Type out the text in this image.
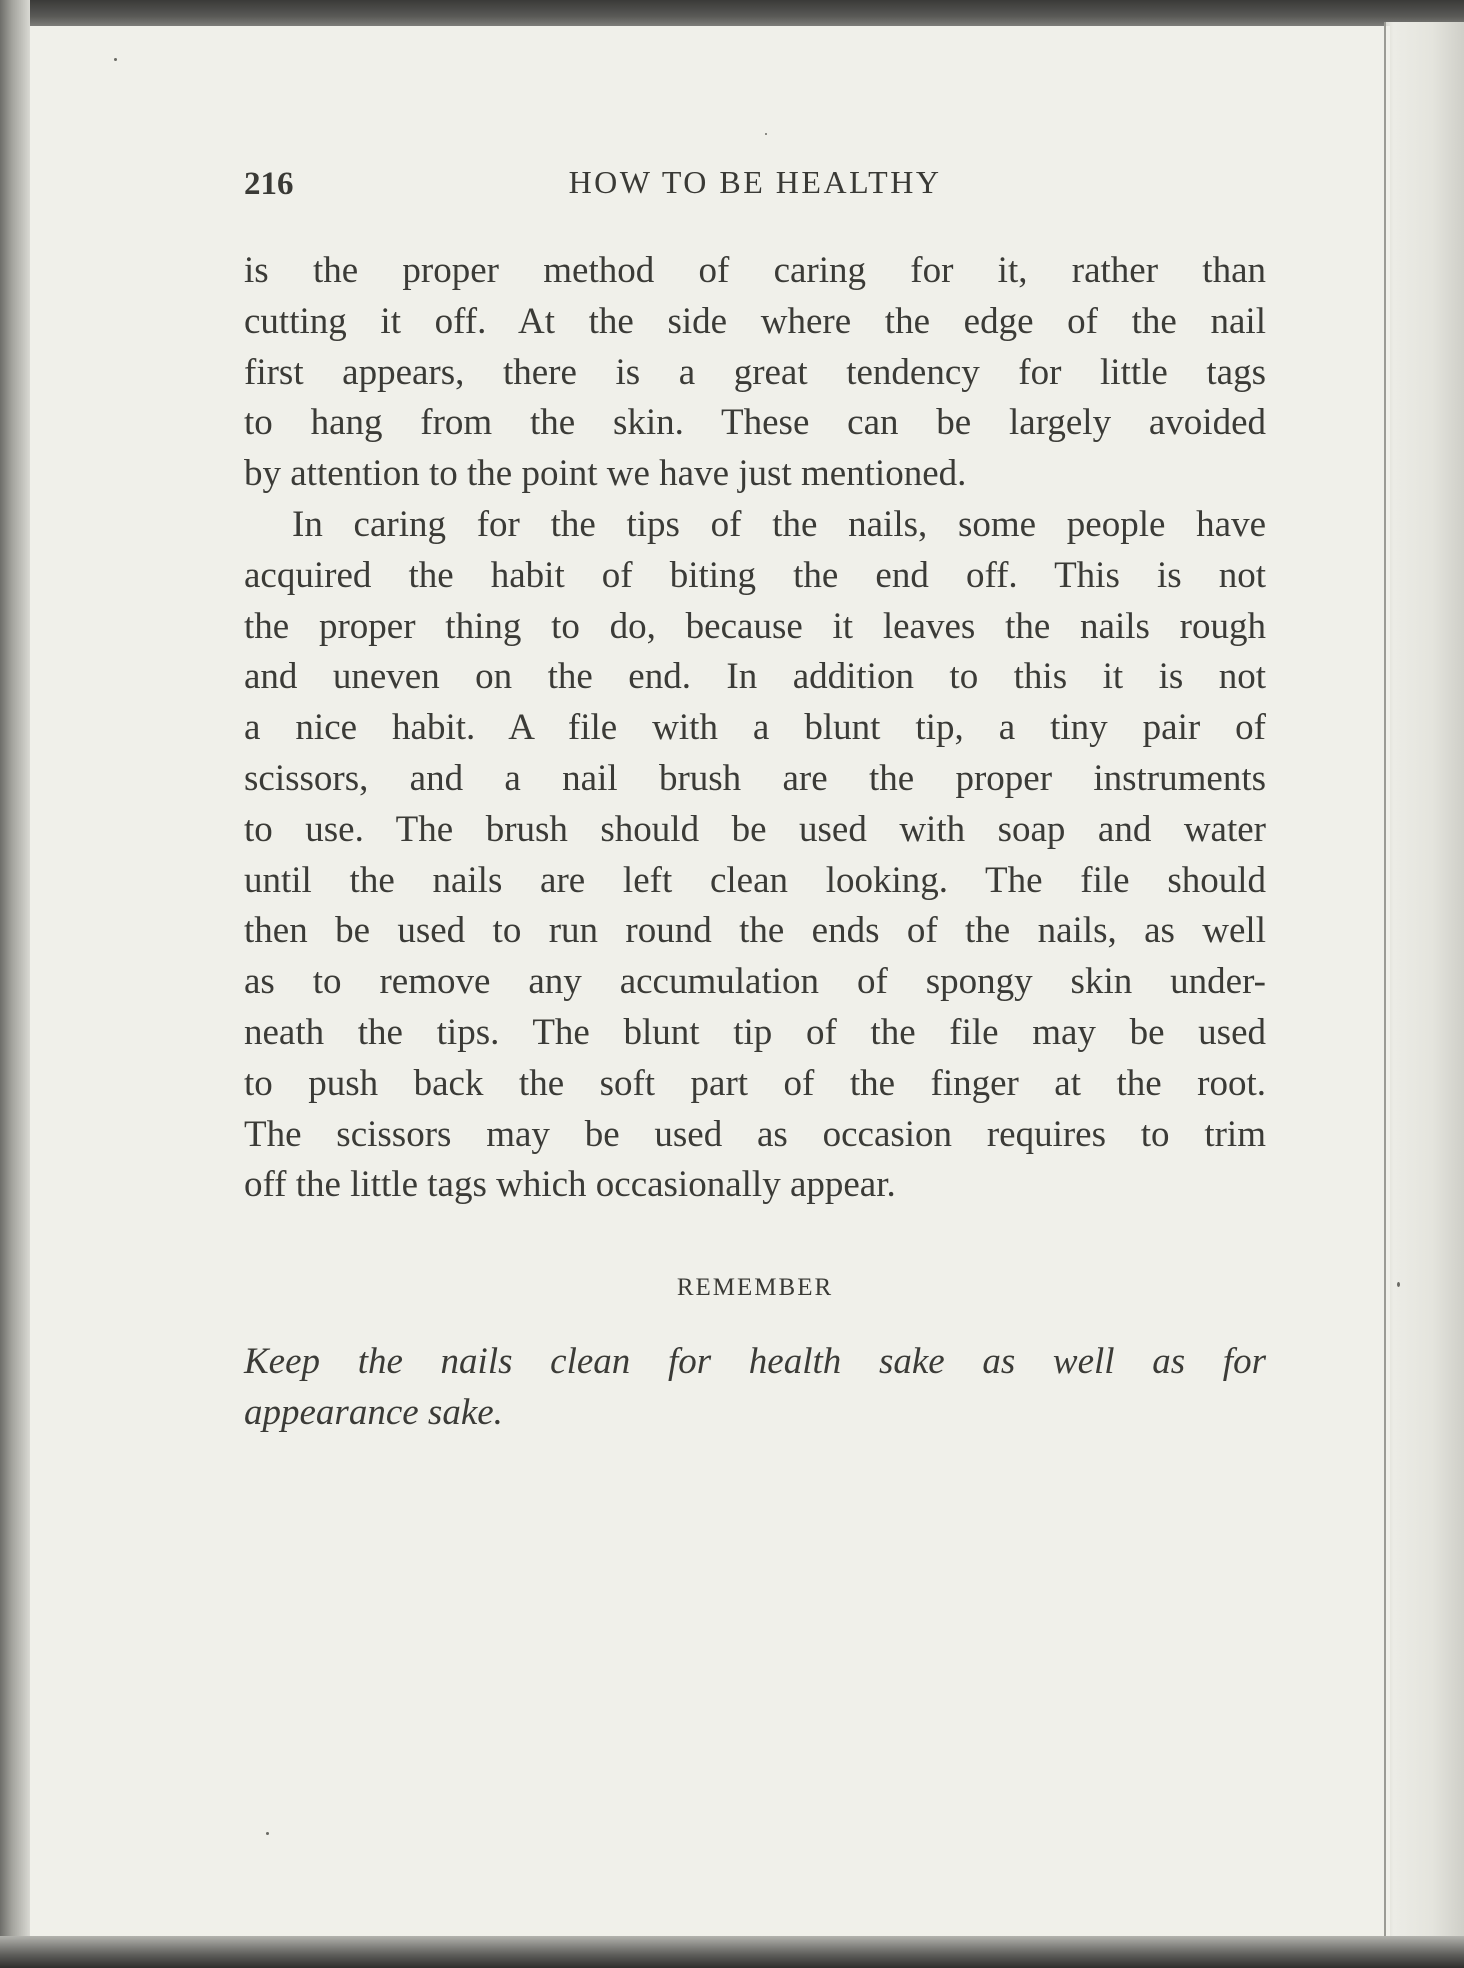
216	HOW TO BE HEALTHY
is the proper method of caring for it, rather than
cutting it off. At the side where the edge of the nail
first appears, there is a great tendency for little tags
to hang from the skin. These can be largely avoided
by attention to the point we have just mentioned.
In caring for the tips of the nails, some people have
acquired the habit of biting the end off. This is not
the proper thing to do, because it leaves the nails rough
and uneven on the end. In addition to this it is not
a nice habit. A file with a blunt tip, a tiny pair of
scissors, and a nail brush are the proper instruments
to use. The brush should be used with soap and water
until the nails are left clean looking. The file should
then be used to run round the ends of the nails, as well
as to remove any accumulation of spongy skin under-
neath the tips. The blunt tip of the file may be used
to push back the soft part of the finger at the root.
The scissors may be used as occasion requires to trim
off the little tags which occasionally appear.
REMEMBER
Keep the nails clean for health sake as well as for
appearance sake.
